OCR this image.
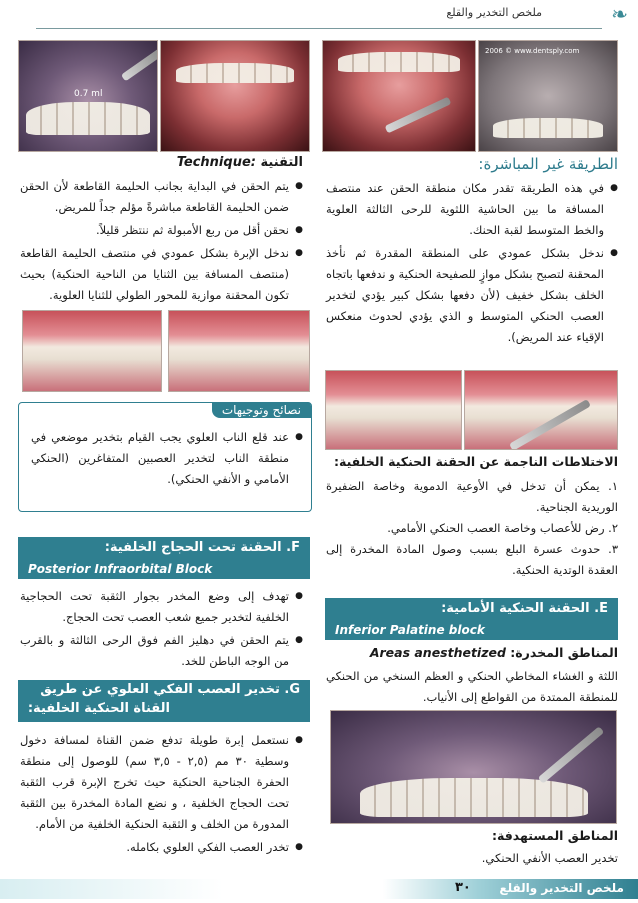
ملخص التخدير والقلع	❧
0.7 ml
2006 © www.dentsply.com
الطريقة غير المباشرة:
● في هذه الطريقة تقدر مكان منطقة الحقن عند منتصف المسافة ما بين الحاشية اللثوية للرحى الثالثة العلوية والخط المتوسط لقبة الحنك.
● ندخل بشكل عمودي على المنطقة المقدرة ثم نأخذ المحقنة لتصبح بشكل موازٍ للصفيحة الحنكية و ندفعها باتجاه الخلف بشكل خفيف (لأن دفعها بشكل كبير يؤدي لتخدير العصب الحنكي المتوسط و الذي يؤدي لحدوث منعكس الإقياء عند المريض).
الاختلاطات الناجمة عن الحقنة الحنكية الخلفية:
١. يمكن أن تدخل في الأوعية الدموية وخاصة الضفيرة الوريدية الجناحية.
٢. رض للأعصاب وخاصة العصب الحنكي الأمامي.
٣. حدوث عسرة البلع بسبب وصول المادة المخدرة إلى العقدة الوتدية الحنكية.
E. الحقنة الحنكية الأمامية:
Inferior Palatine block
المناطق المخدرة: Areas anesthetized
اللثة و الغشاء المخاطي الحنكي و العظم السنخي من الحنكي للمنطقة الممتدة من القواطع إلى الأنياب.
المناطق المستهدفة:
تخدير العصب الأنفي الحنكي.
التقنية Technique:
● يتم الحقن في البداية بجانب الحليمة القاطعة لأن الحقن ضمن الحليمة القاطعة مباشرةً مؤلم جداً للمريض.
● نحقن أقل من ربع الأمبولة ثم ننتظر قليلاً.
● ندخل الإبرة بشكل عمودي في منتصف الحليمة القاطعة (منتصف المسافة بين الثنايا من الناحية الحنكية) بحيث تكون المحقنة موازية للمحور الطولي للثنايا العلوية.
نصائح وتوجيهات
● عند قلع الناب العلوي يجب القيام بتخدير موضعي في منطقة الناب لتخدير العصبين المتفاغرين (الحنكي الأمامي و الأنفي الحنكي).
F. الحقنة تحت الحجاج الخلفية:
Posterior Infraorbital Block
● تهدف إلى وضع المخدر بجوار الثقبة تحت الحجاجية الخلفية لتخدير جميع شعب العصب تحت الحجاج.
● يتم الحقن في دهليز الفم فوق الرحى الثالثة و بالقرب من الوجه الباطن للخد.
G. تخدير العصب الفكي العلوي عن طريق
القناة الحنكية الخلفية:
● نستعمل إبرة طويلة تدفع ضمن القناة لمسافة دخول وسطية ٣٠ مم (٢,٥ - ٣,٥ سم) للوصول إلى منطقة الحفرة الجناحية الحنكية حيث تخرج الإبرة قرب الثقبة تحت الحجاج الخلفية ، و نضع المادة المخدرة بين الثقبة المدورة من الخلف و الثقبة الحنكية الخلفية من الأمام.
● تخدر العصب الفكي العلوي بكامله.
٣٠ ملخص التخدير والقلع
